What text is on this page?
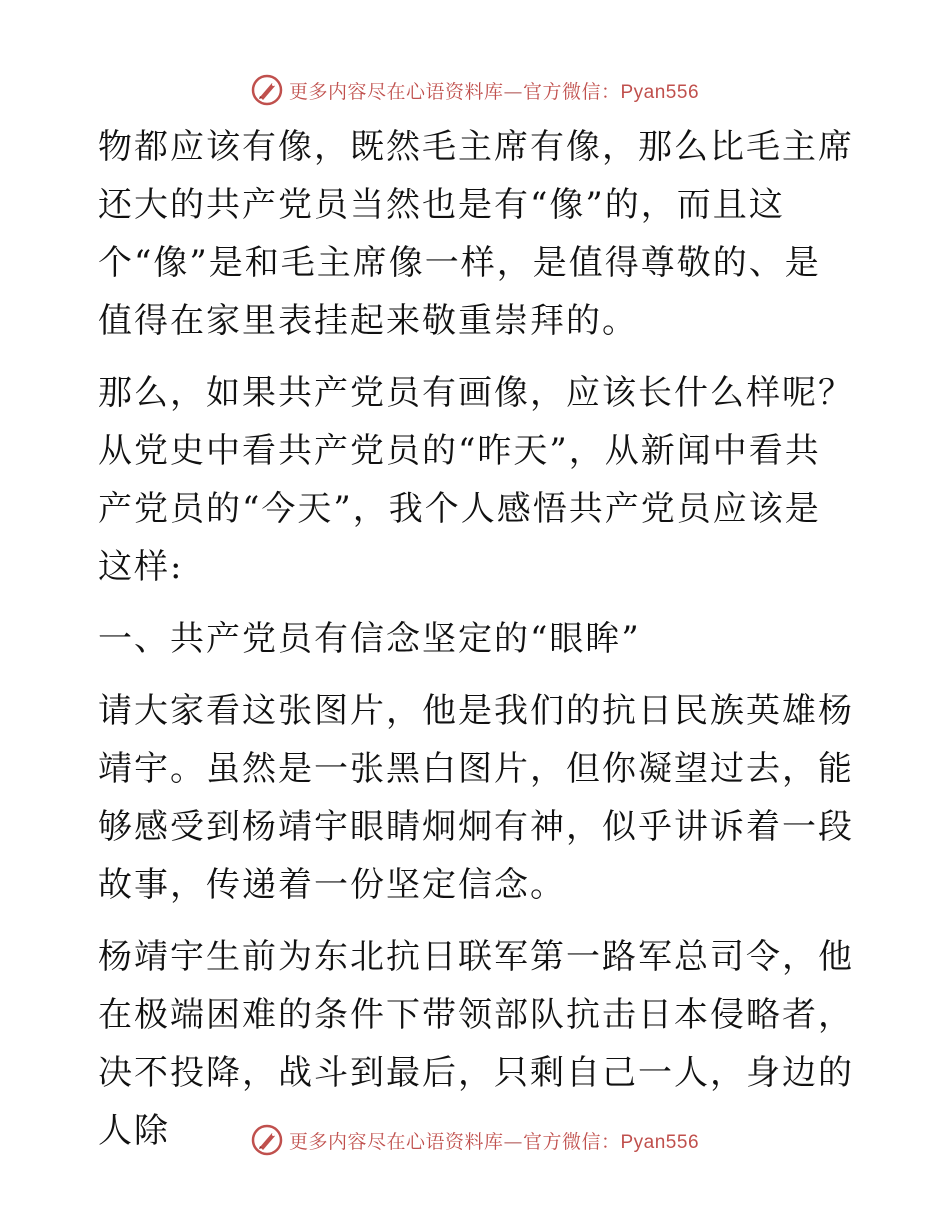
更多内容尽在心语资料库—官方微信：Pyan556

物都应该有像，既然毛主席有像，那么比毛主席还大的共产党员当然也是有“像”的，而且这个“像”是和毛主席像一样，是值得尊敬的、是值得在家里表挂起来敬重崇拜的。

那么，如果共产党员有画像，应该长什么样呢？从党史中看共产党员的“昨天”，从新闻中看共产党员的“今天”，我个人感悟共产党员应该是这样:

一、共产党员有信念坚定的“眼眸”

请大家看这张图片，他是我们的抗日民族英雄杨靖宇。虽然是一张黑白图片，但你凝望过去，能够感受到杨靖宇眼睛炯炯有神，似乎讲诉着一段故事，传递着一份坚定信念。

杨靖宇生前为东北抗日联军第一路军总司令，他在极端困难的条件下带领部队抗击日本侵略者，决不投降，战斗到最后，只剩自己一人，身边的人除	更多内容尽在心语资料库—官方微信：Pyan556
